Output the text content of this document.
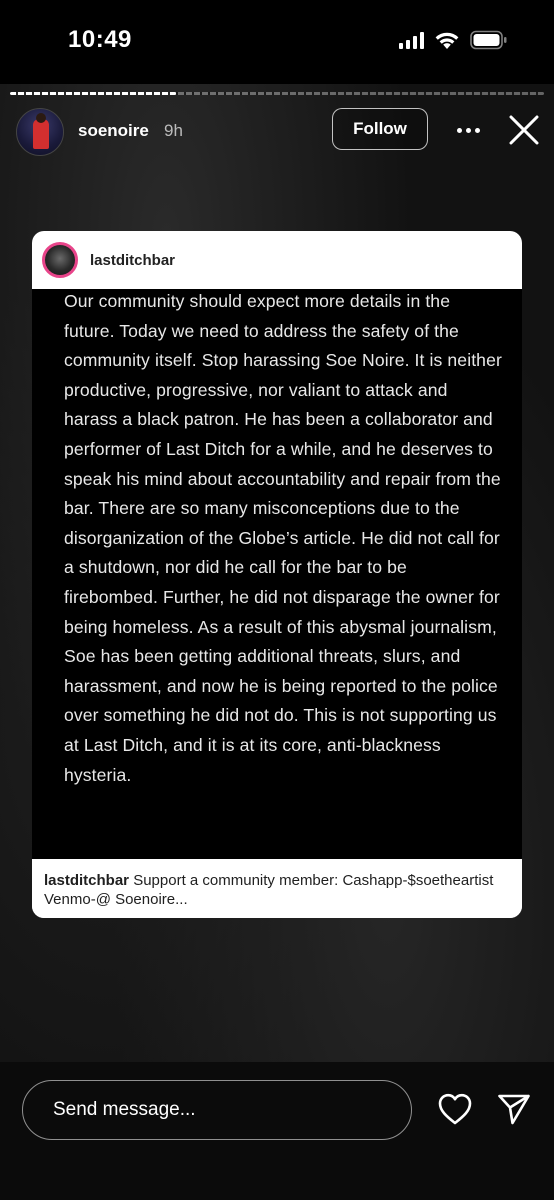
10:49
soenoire 9h	Follow
lastditchbar
Our community should expect more details in the future. Today we need to address the safety of the community itself. Stop harassing Soe Noire. It is neither productive, progressive, nor valiant to attack and harass a black patron. He has been a collaborator and performer of Last Ditch for a while, and he deserves to speak his mind about accountability and repair from the bar. There are so many misconceptions due to the disorganization of the Globe’s article. He did not call for a shutdown, nor did he call for the bar to be firebombed. Further, he did not disparage the owner for being homeless. As a result of this abysmal journalism, Soe has been getting additional threats, slurs, and harassment, and now he is being reported to the police over something he did not do. This is not supporting us at Last Ditch, and it is at its core, anti-blackness hysteria.
lastditchbar Support a community member: Cashapp-$soetheartist Venmo-@ Soenoire...
Send message...
